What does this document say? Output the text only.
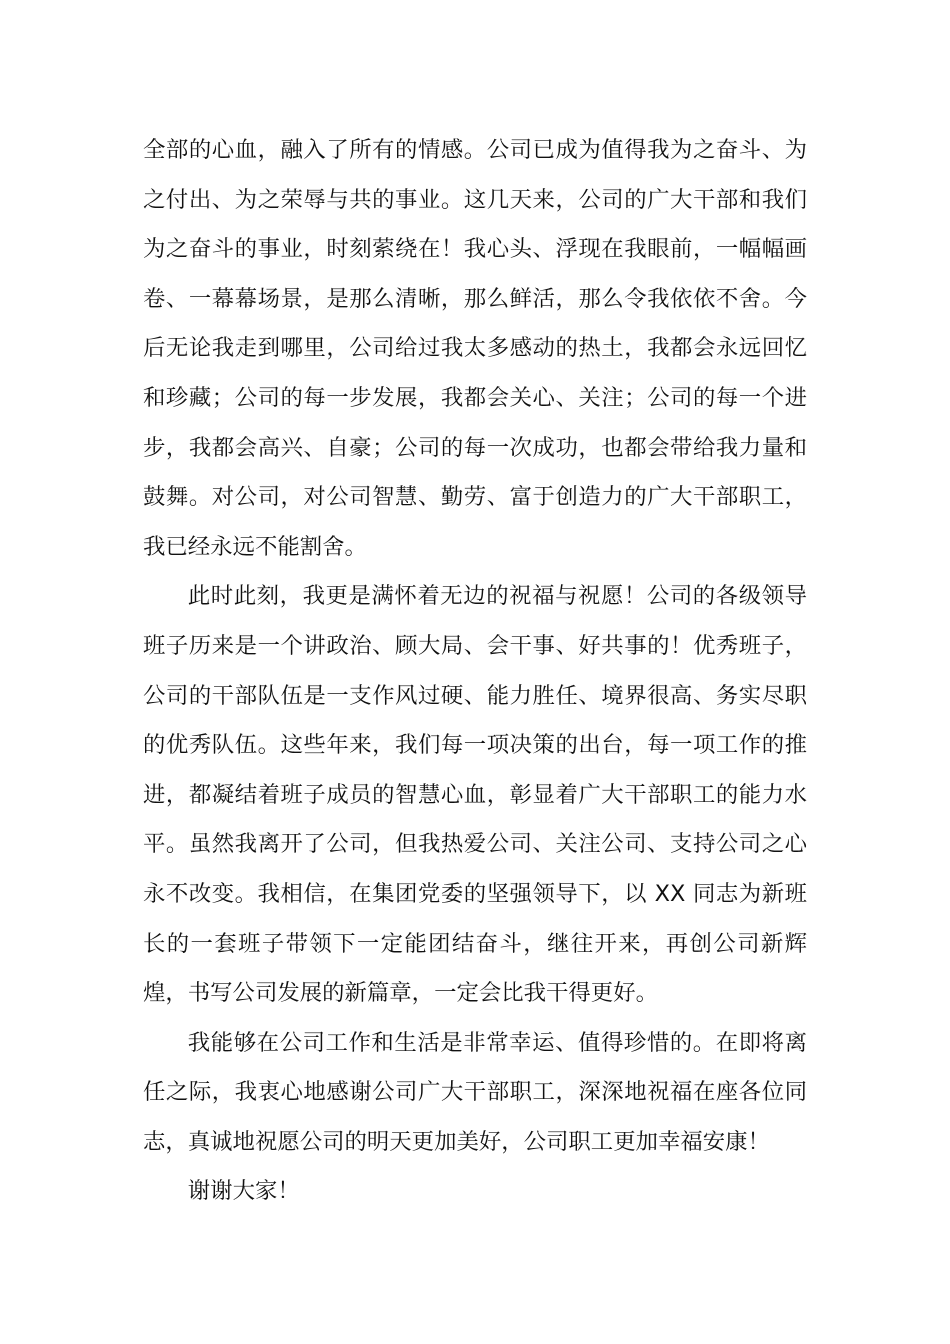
全部的心血，融入了所有的情感。公司已成为值得我为之奋斗、为之付出、为之荣辱与共的事业。这几天来，公司的广大干部和我们为之奋斗的事业，时刻萦绕在！我心头、浮现在我眼前，一幅幅画卷、一幕幕场景，是那么清晰，那么鲜活，那么令我依依不舍。今后无论我走到哪里，公司给过我太多感动的热土，我都会永远回忆和珍藏；公司的每一步发展，我都会关心、关注；公司的每一个进步，我都会高兴、自豪；公司的每一次成功，也都会带给我力量和鼓舞。对公司，对公司智慧、勤劳、富于创造力的广大干部职工，我已经永远不能割舍。

此时此刻，我更是满怀着无边的祝福与祝愿！公司的各级领导班子历来是一个讲政治、顾大局、会干事、好共事的！优秀班子，公司的干部队伍是一支作风过硬、能力胜任、境界很高、务实尽职的优秀队伍。这些年来，我们每一项决策的出台，每一项工作的推进，都凝结着班子成员的智慧心血，彰显着广大干部职工的能力水平。虽然我离开了公司，但我热爱公司、关注公司、支持公司之心永不改变。我相信，在集团党委的坚强领导下，以 XX 同志为新班长的一套班子带领下一定能团结奋斗，继往开来，再创公司新辉煌，书写公司发展的新篇章，一定会比我干得更好。

我能够在公司工作和生活是非常幸运、值得珍惜的。在即将离任之际，我衷心地感谢公司广大干部职工，深深地祝福在座各位同志，真诚地祝愿公司的明天更加美好，公司职工更加幸福安康！

谢谢大家！
